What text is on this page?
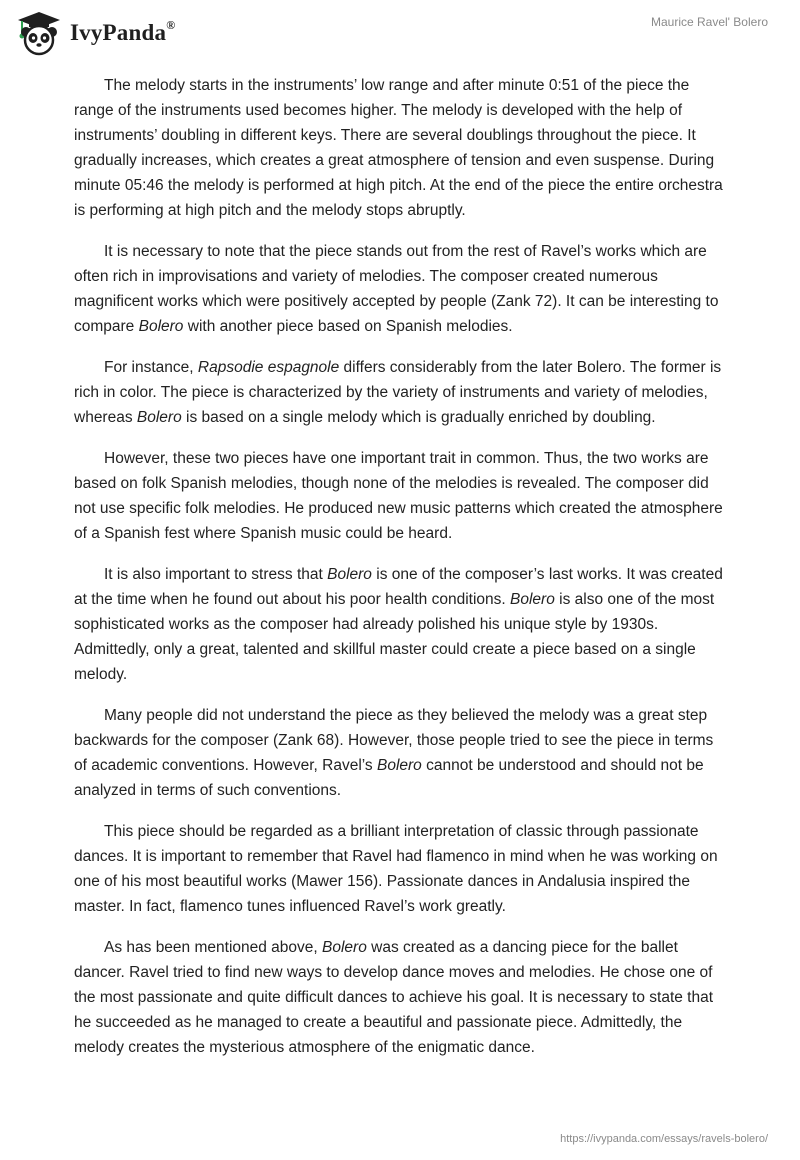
IvyPanda®	Maurice Ravel' Bolero

The melody starts in the instruments’ low range and after minute 0:51 of the piece the range of the instruments used becomes higher. The melody is developed with the help of instruments’ doubling in different keys. There are several doublings throughout the piece. It gradually increases, which creates a great atmosphere of tension and even suspense. During minute 05:46 the melody is performed at high pitch. At the end of the piece the entire orchestra is performing at high pitch and the melody stops abruptly.

It is necessary to note that the piece stands out from the rest of Ravel’s works which are often rich in improvisations and variety of melodies. The composer created numerous magnificent works which were positively accepted by people (Zank 72). It can be interesting to compare Bolero with another piece based on Spanish melodies.

For instance, Rapsodie espagnole differs considerably from the later Bolero. The former is rich in color. The piece is characterized by the variety of instruments and variety of melodies, whereas Bolero is based on a single melody which is gradually enriched by doubling.

However, these two pieces have one important trait in common. Thus, the two works are based on folk Spanish melodies, though none of the melodies is revealed. The composer did not use specific folk melodies. He produced new music patterns which created the atmosphere of a Spanish fest where Spanish music could be heard.

It is also important to stress that Bolero is one of the composer’s last works. It was created at the time when he found out about his poor health conditions. Bolero is also one of the most sophisticated works as the composer had already polished his unique style by 1930s. Admittedly, only a great, talented and skillful master could create a piece based on a single melody.

Many people did not understand the piece as they believed the melody was a great step backwards for the composer (Zank 68). However, those people tried to see the piece in terms of academic conventions. However, Ravel’s Bolero cannot be understood and should not be analyzed in terms of such conventions.

This piece should be regarded as a brilliant interpretation of classic through passionate dances. It is important to remember that Ravel had flamenco in mind when he was working on one of his most beautiful works (Mawer 156). Passionate dances in Andalusia inspired the master. In fact, flamenco tunes influenced Ravel’s work greatly.

As has been mentioned above, Bolero was created as a dancing piece for the ballet dancer. Ravel tried to find new ways to develop dance moves and melodies. He chose one of the most passionate and quite difficult dances to achieve his goal. It is necessary to state that he succeeded as he managed to create a beautiful and passionate piece. Admittedly, the melody creates the mysterious atmosphere of the enigmatic dance.

https://ivypanda.com/essays/ravels-bolero/
